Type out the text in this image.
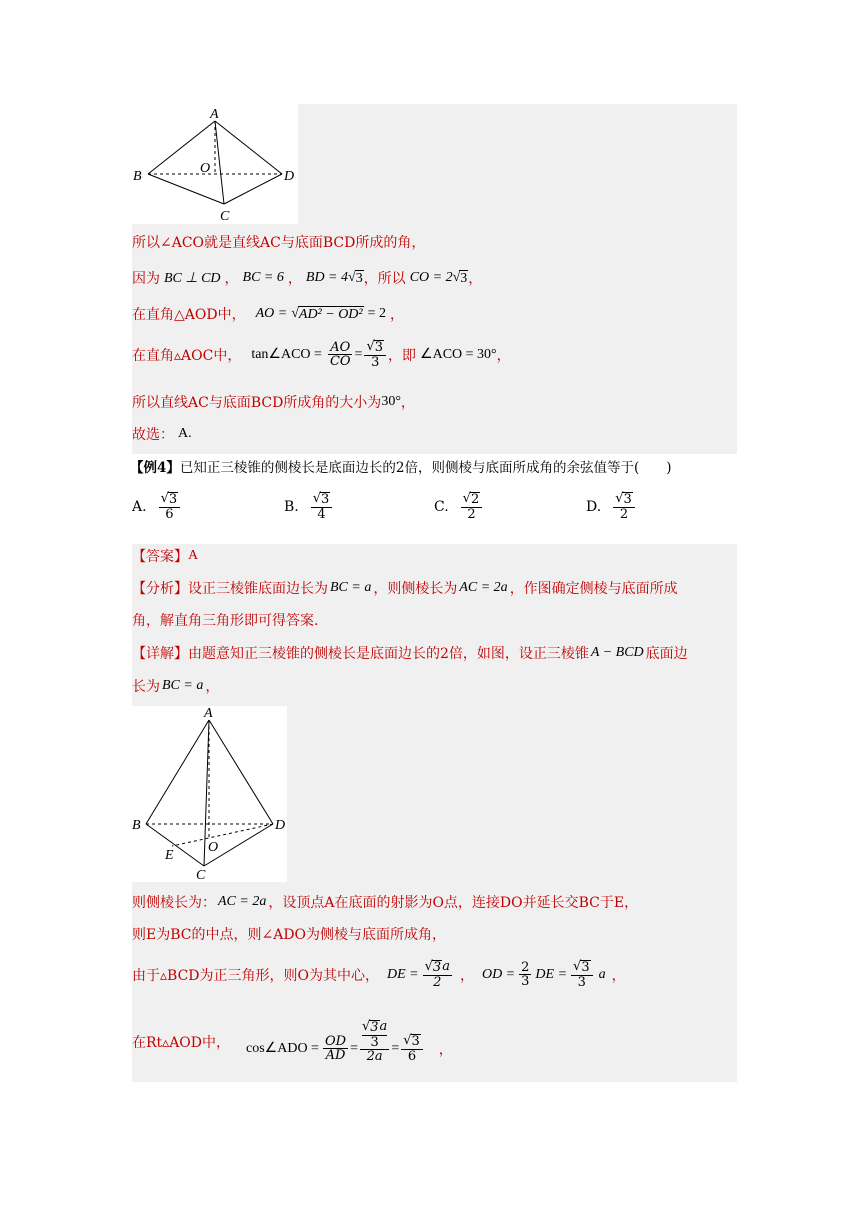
A
B
O
D
C
所以∠ACO就是直线AC与底面BCD所成的角，
因为 BC ⊥ CD ， BC = 6 ， BD = 4 √ 3 ，所以 CO = 2 √ 3 ，
在直角△AOD中， AO = √ AD² − OD² = 2 ，
在直角▵AOC中， tan∠ACO = $\frac{AO}{CO} = \frac{√ 3}{3}$ ，即 ∠ACO = 30° ，
所以直线AC与底面BCD所成角的大小为 30° ，
故选： A.
【例4】 已知正三棱锥的侧棱长是底面边长的2倍，则侧棱与底面所成角的余弦值等于(　　)
A. $\frac{√ 3}{6}$	B. $\frac{√ 3}{4}$	C. $\frac{√ 2}{2}$	D. $\frac{√ 3}{2}$
【答案】 A
【分析】 设正三棱锥底面边长为 BC = a ，则侧棱长为 AC = 2a ，作图确定侧棱与底面所成
角，解直角三角形即可得答案.
【详解】 由题意知正三棱锥的侧棱长是底面边长的2倍，如图，设正三棱锥 A − BCD 底面边
长为 BC = a ，
A
B	D
E
O
C
则侧棱长为： AC = 2a ，设顶点A在底面的射影为O点，连接DO并延长交BC于E，
则E为BC的中点，则∠ADO为侧棱与底面所成角，
由于▵BCD为正三角形，则O为其中心， DE = $\frac{√ 3 a}{2}$ ， OD = $\frac{2}{3}$ DE = $\frac{√ 3}{3}$ a ，
在Rt▵AOD中， cos∠ADO = $\frac{OD}{AD}$ = √ 3 a
3
$2a = \frac{√ 3}{6}$ ，
